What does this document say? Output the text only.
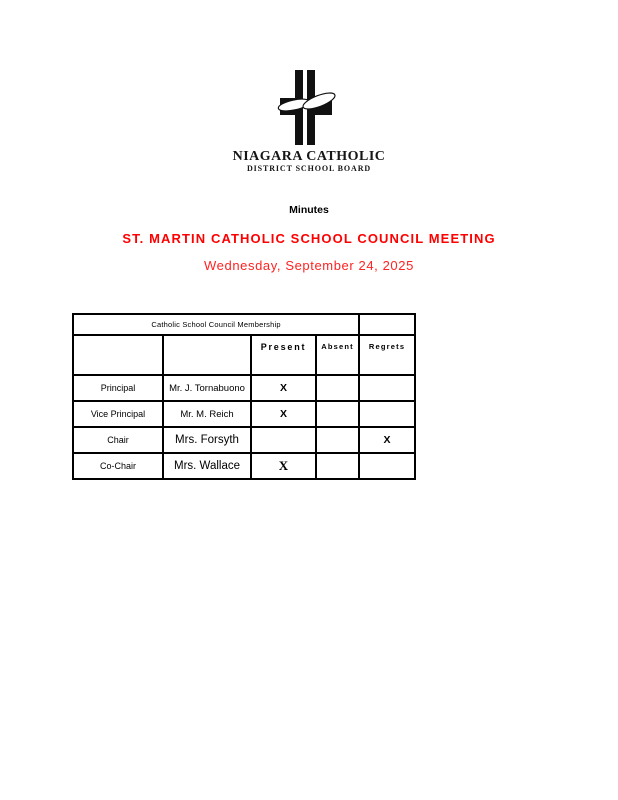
NIAGARA CATHOLIC
DISTRICT SCHOOL BOARD
Minutes
ST. MARTIN CATHOLIC SCHOOL COUNCIL MEETING
Wednesday, September 24, 2025
Catholic School Council Membership				
		Present	Absent	Regrets
Principal	Mr. J. Tornabuono	X		
Vice Principal	Mr. M. Reich	X		
Chair	Mrs. Forsyth			X
Co-Chair	Mrs. Wallace	X		
